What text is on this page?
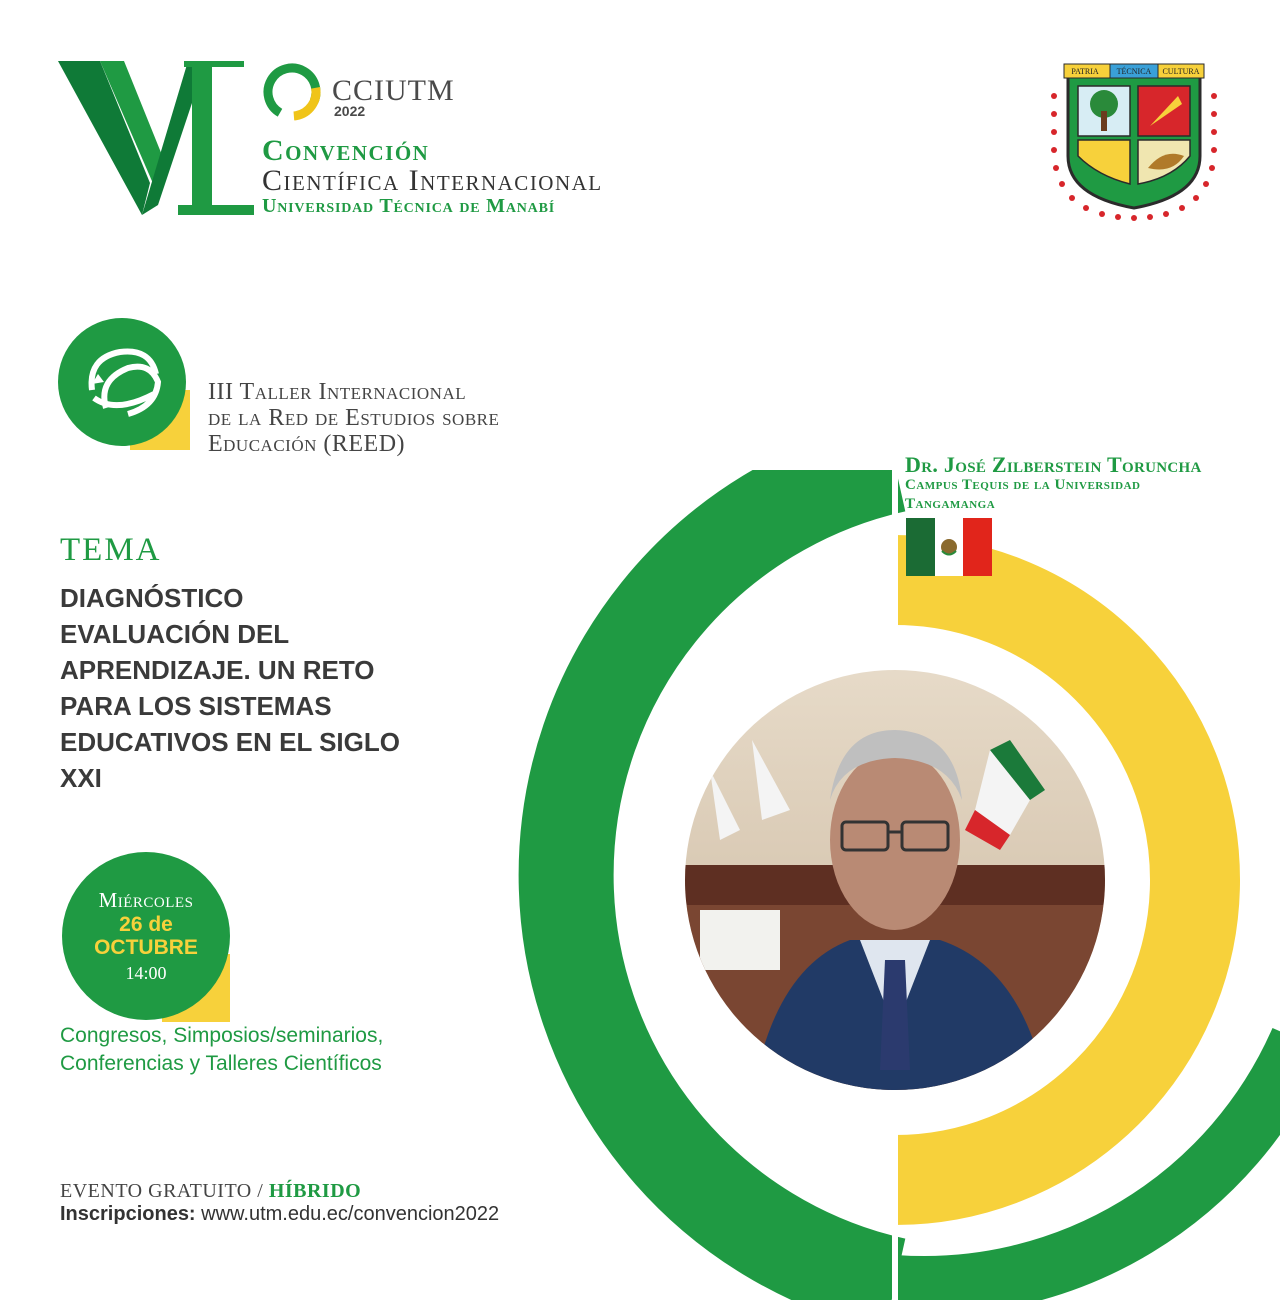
CCIUTM
2022
Convención
Científica Internacional
Universidad Técnica de Manabí
PATRIA TÉCNICA CULTURA
III Taller Internacional
de la Red de Estudios sobre
Educación (REED)
TEMA
DIAGNÓSTICO
EVALUACIÓN DEL
APRENDIZAJE. UN RETO
PARA LOS SISTEMAS
EDUCATIVOS EN EL SIGLO
XXI
Miércoles
26 de
OCTUBRE
14:00
Congresos, Simposios/seminarios,
Conferencias y Talleres Científicos
EVENTO GRATUITO / HÍBRIDO
Inscripciones: www.utm.edu.ec/convencion2022
Dr. José Zilberstein Toruncha
Campus Tequis de la Universidad
Tangamanga
